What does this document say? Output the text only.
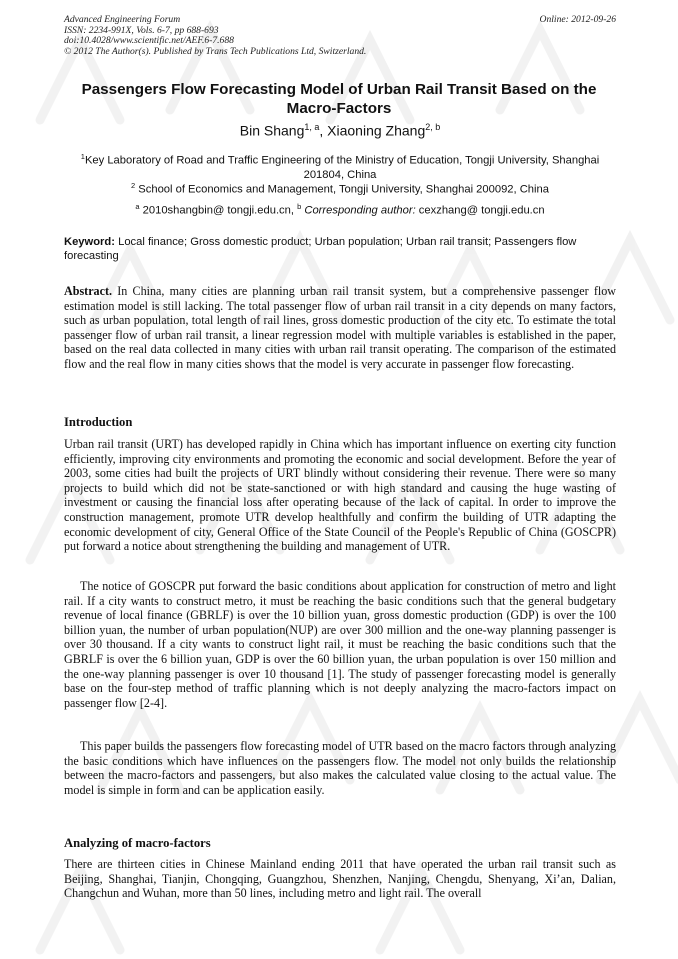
Advanced Engineering Forum	Online: 2012-09-26
ISSN: 2234-991X, Vols. 6-7, pp 688-693
doi:10.4028/www.scientific.net/AEF.6-7.688
© 2012 The Author(s). Published by Trans Tech Publications Ltd, Switzerland.
Passengers Flow Forecasting Model of Urban Rail Transit Based on the Macro-Factors
Bin Shang$^{1, a}$, Xiaoning Zhang$^{2, b}$
$^1$Key Laboratory of Road and Traffic Engineering of the Ministry of Education, Tongji University, Shanghai 201804, China
$^2$ School of Economics and Management, Tongji University, Shanghai 200092, China
$^a$ 2010shangbin@ tongji.edu.cn, $^b$ Corresponding author: cexzhang@ tongji.edu.cn
Keyword: Local finance; Gross domestic product; Urban population; Urban rail transit; Passengers flow forecasting
Abstract. In China, many cities are planning urban rail transit system, but a comprehensive passenger flow estimation model is still lacking. The total passenger flow of urban rail transit in a city depends on many factors, such as urban population, total length of rail lines, gross domestic production of the city etc. To estimate the total passenger flow of urban rail transit, a linear regression model with multiple variables is established in the paper, based on the real data collected in many cities with urban rail transit operating. The comparison of the estimated flow and the real flow in many cities shows that the model is very accurate in passenger flow forecasting.
Introduction
Urban rail transit (URT) has developed rapidly in China which has important influence on exerting city function efficiently, improving city environments and promoting the economic and social development. Before the year of 2003, some cities had built the projects of URT blindly without considering their revenue. There were so many projects to build which did not be state-sanctioned or with high standard and causing the huge wasting of investment or causing the financial loss after operating because of the lack of capital. In order to improve the construction management, promote UTR develop healthfully and confirm the building of UTR adapting the economic development of city, General Office of the State Council of the People's Republic of China (GOSCPR) put forward a notice about strengthening the building and management of UTR.
The notice of GOSCPR put forward the basic conditions about application for construction of metro and light rail. If a city wants to construct metro, it must be reaching the basic conditions such that the general budgetary revenue of local finance (GBRLF) is over the 10 billion yuan, gross domestic production (GDP) is over the 100 billion yuan, the number of urban population(NUP) are over 300 million and the one-way planning passenger is over 30 thousand. If a city wants to construct light rail, it must be reaching the basic conditions such that the GBRLF is over the 6 billion yuan, GDP is over the 60 billion yuan, the urban population is over 150 million and the one-way planning passenger is over 10 thousand [1]. The study of passenger forecasting model is generally base on the four-step method of traffic planning which is not deeply analyzing the macro-factors impact on passenger flow [2-4].
This paper builds the passengers flow forecasting model of UTR based on the macro factors through analyzing the basic conditions which have influences on the passengers flow. The model not only builds the relationship between the macro-factors and passengers, but also makes the calculated value closing to the actual value. The model is simple in form and can be application easily.
Analyzing of macro-factors
There are thirteen cities in Chinese Mainland ending 2011 that have operated the urban rail transit such as Beijing, Shanghai, Tianjin, Chongqing, Guangzhou, Shenzhen, Nanjing, Chengdu, Shenyang, Xi’an, Dalian, Changchun and Wuhan, more than 50 lines, including metro and light rail. The overall
